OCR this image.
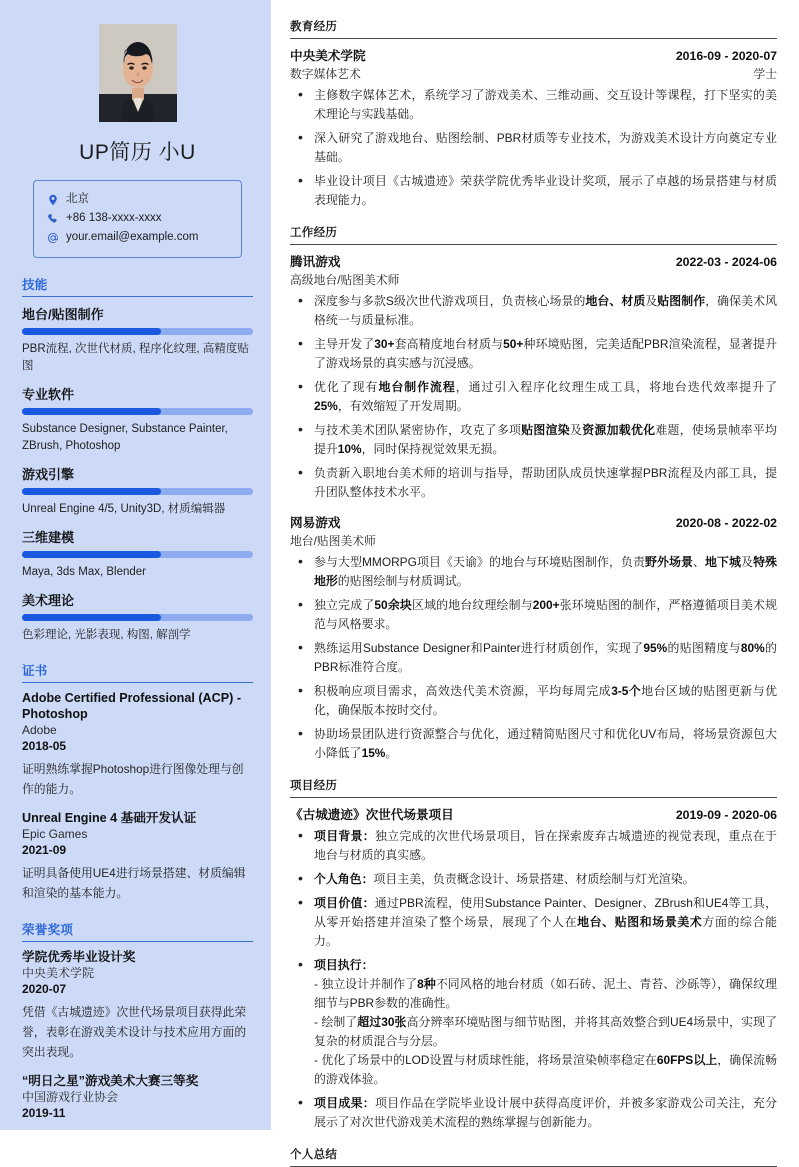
UP简历 小U
北京
+86 138-xxxx-xxxx
your.email@example.com
技能
地台/贴图制作
PBR流程, 次世代材质, 程序化纹理, 高精度贴图
专业软件
Substance Designer, Substance Painter, ZBrush, Photoshop
游戏引擎
Unreal Engine 4/5, Unity3D, 材质编辑器
三维建模
Maya, 3ds Max, Blender
美术理论
色彩理论, 光影表现, 构图, 解剖学
证书
Adobe Certified Professional (ACP) - Photoshop
Adobe
2018-05
证明熟练掌握Photoshop进行图像处理与创作的能力。
Unreal Engine 4 基础开发认证
Epic Games
2021-09
证明具备使用UE4进行场景搭建、材质编辑和渲染的基本能力。
荣誉奖项
学院优秀毕业设计奖
中央美术学院
2020-07
凭借《古城遗迹》次世代场景项目获得此荣誉，表彰在游戏美术设计与技术应用方面的突出表现。
“明日之星”游戏美术大赛三等奖
中国游戏行业协会
2019-11
教育经历
中央美术学院	2016-09 - 2020-07
数字媒体艺术	学士
• 主修数字媒体艺术，系统学习了游戏美术、三维动画、交互设计等课程，打下坚实的美术理论与实践基础。
• 深入研究了游戏地台、贴图绘制、PBR材质等专业技术，为游戏美术设计方向奠定专业基础。
• 毕业设计项目《古城遗迹》荣获学院优秀毕业设计奖项，展示了卓越的场景搭建与材质表现能力。
工作经历
腾讯游戏	2022-03 - 2024-06
高级地台/贴图美术师
• 深度参与多款S级次世代游戏项目，负责核心场景的地台、材质及贴图制作，确保美术风格统一与质量标准。
• 主导开发了30+套高精度地台材质与50+种环境贴图，完美适配PBR渲染流程，显著提升了游戏场景的真实感与沉浸感。
• 优化了现有地台制作流程，通过引入程序化纹理生成工具，将地台迭代效率提升了25%，有效缩短了开发周期。
• 与技术美术团队紧密协作，攻克了多项贴图渲染及资源加载优化难题，使场景帧率平均提升10%，同时保持视觉效果无损。
• 负责新入职地台美术师的培训与指导，帮助团队成员快速掌握PBR流程及内部工具，提升团队整体技术水平。
网易游戏	2020-08 - 2022-02
地台/贴图美术师
• 参与大型MMORPG项目《天谕》的地台与环境贴图制作，负责野外场景、地下城及特殊地形的贴图绘制与材质调试。
• 独立完成了50余块区域的地台纹理绘制与200+张环境贴图的制作，严格遵循项目美术规范与风格要求。
• 熟练运用Substance Designer和Painter进行材质创作，实现了95%的贴图精度与80%的PBR标准符合度。
• 积极响应项目需求，高效迭代美术资源，平均每周完成3-5个地台区域的贴图更新与优化，确保版本按时交付。
• 协助场景团队进行资源整合与优化，通过精简贴图尺寸和优化UV布局，将场景资源包大小降低了15%。
项目经历
《古城遗迹》次世代场景项目	2019-09 - 2020-06
• 项目背景：独立完成的次世代场景项目，旨在探索废弃古城遗迹的视觉表现，重点在于地台与材质的真实感。
• 个人角色：项目主美，负责概念设计、场景搭建、材质绘制与灯光渲染。
• 项目价值：通过PBR流程，使用Substance Painter、Designer、ZBrush和UE4等工具，从零开始搭建并渲染了整个场景，展现了个人在地台、贴图和场景美术方面的综合能力。
• 项目执行：
- 独立设计并制作了8种不同风格的地台材质（如石砖、泥土、青苔、沙砾等），确保纹理细节与PBR参数的准确性。
- 绘制了超过30张高分辨率环境贴图与细节贴图，并将其高效整合到UE4场景中，实现了复杂的材质混合与分层。
- 优化了场景中的LOD设置与材质球性能，将场景渲染帧率稳定在60FPS以上，确保流畅的游戏体验。
• 项目成果：项目作品在学院毕业设计展中获得高度评价，并被多家游戏公司关注，充分展示了对次世代游戏美术流程的熟练掌握与创新能力。
个人总结
